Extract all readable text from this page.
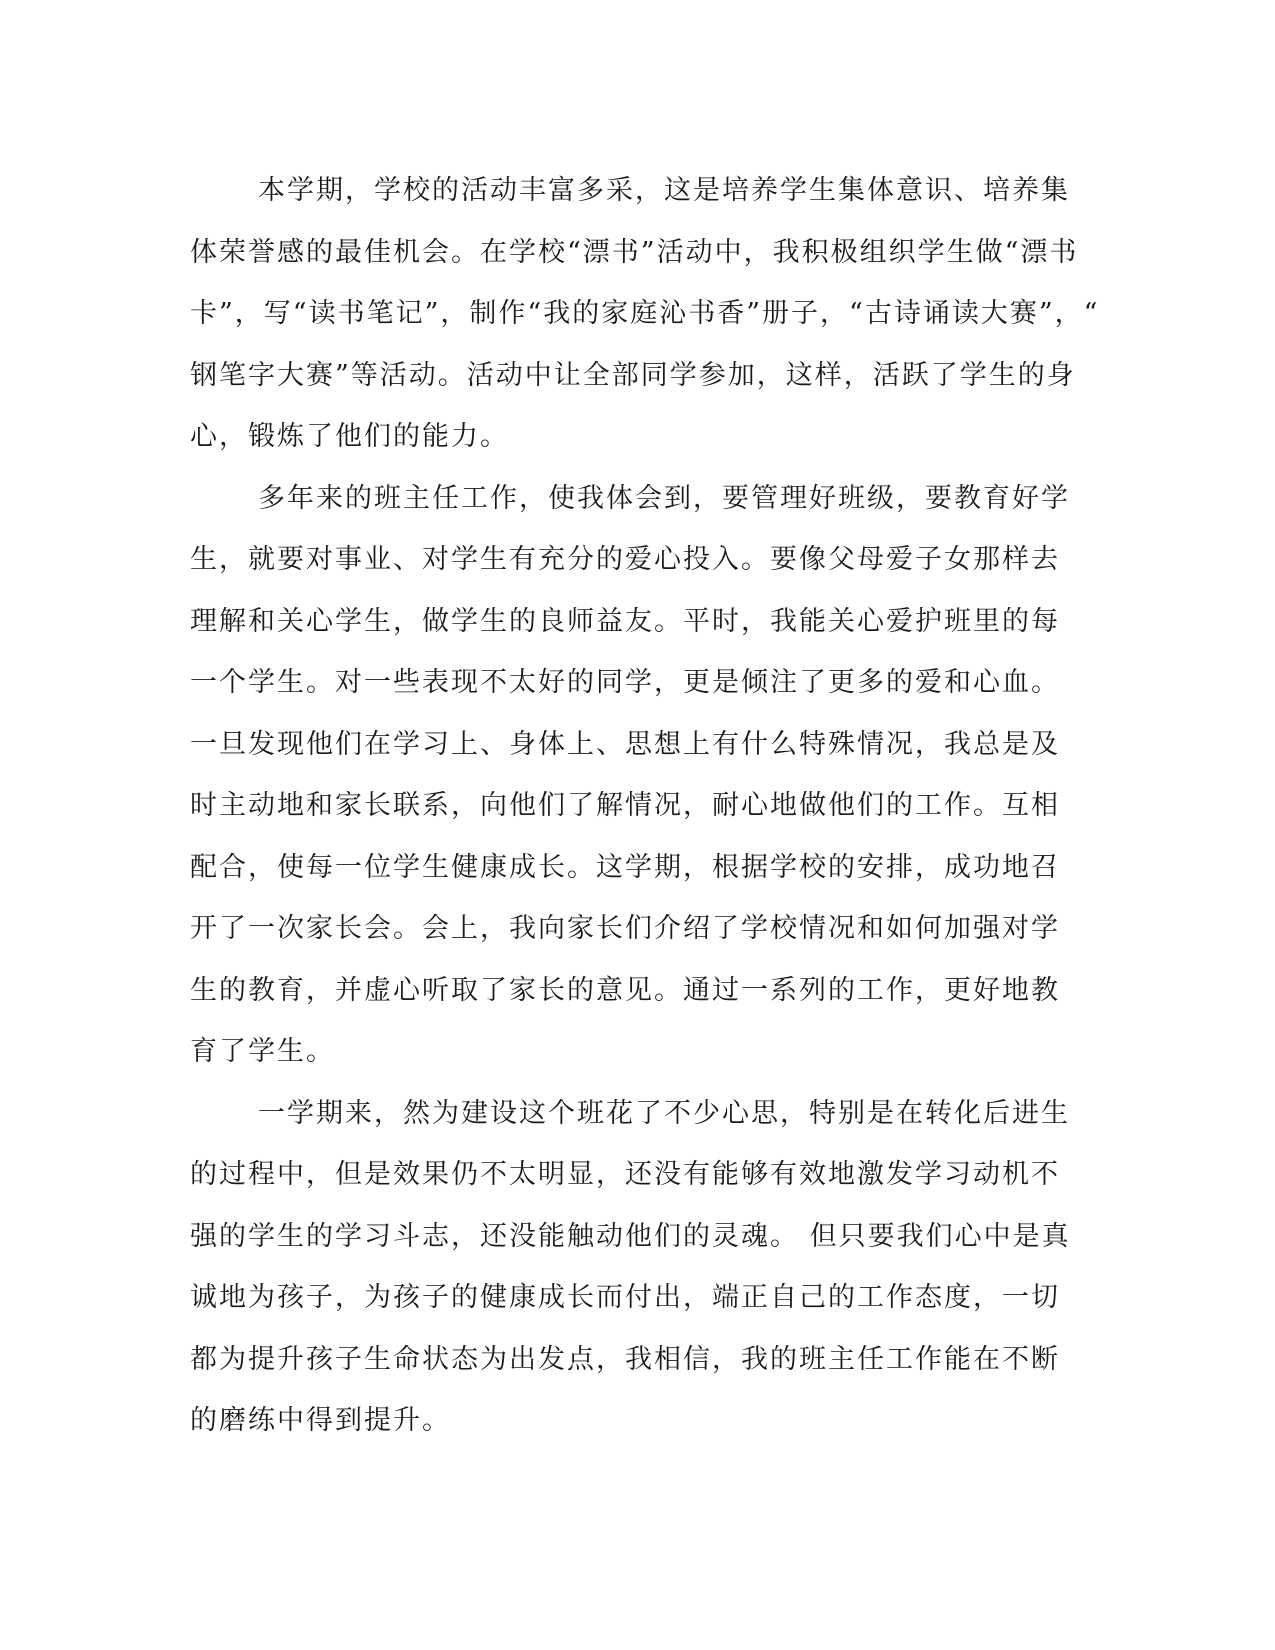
本学期，学校的活动丰富多采，这是培养学生集体意识、培养集
体荣誉感的最佳机会。在学校“漂书”活动中，我积极组织学生做“漂书
卡”，写“读书笔记”，制作“我的家庭沁书香”册子，“古诗诵读大赛”，“
钢笔字大赛”等活动。活动中让全部同学参加，这样，活跃了学生的身
心，锻炼了他们的能力。
多年来的班主任工作，使我体会到，要管理好班级，要教育好学
生，就要对事业、对学生有充分的爱心投入。要像父母爱子女那样去
理解和关心学生，做学生的良师益友。平时，我能关心爱护班里的每
一个学生。对一些表现不太好的同学，更是倾注了更多的爱和心血。
一旦发现他们在学习上、身体上、思想上有什么特殊情况，我总是及
时主动地和家长联系，向他们了解情况，耐心地做他们的工作。互相
配合，使每一位学生健康成长。这学期，根据学校的安排，成功地召
开了一次家长会。会上，我向家长们介绍了学校情况和如何加强对学
生的教育，并虚心听取了家长的意见。通过一系列的工作，更好地教
育了学生。
一学期来，然为建设这个班花了不少心思，特别是在转化后进生
的过程中，但是效果仍不太明显，还没有能够有效地激发学习动机不
强的学生的学习斗志，还没能触动他们的灵魂。 但只要我们心中是真
诚地为孩子，为孩子的健康成长而付出，端正自己的工作态度，一切
都为提升孩子生命状态为出发点，我相信，我的班主任工作能在不断
的磨练中得到提升。
